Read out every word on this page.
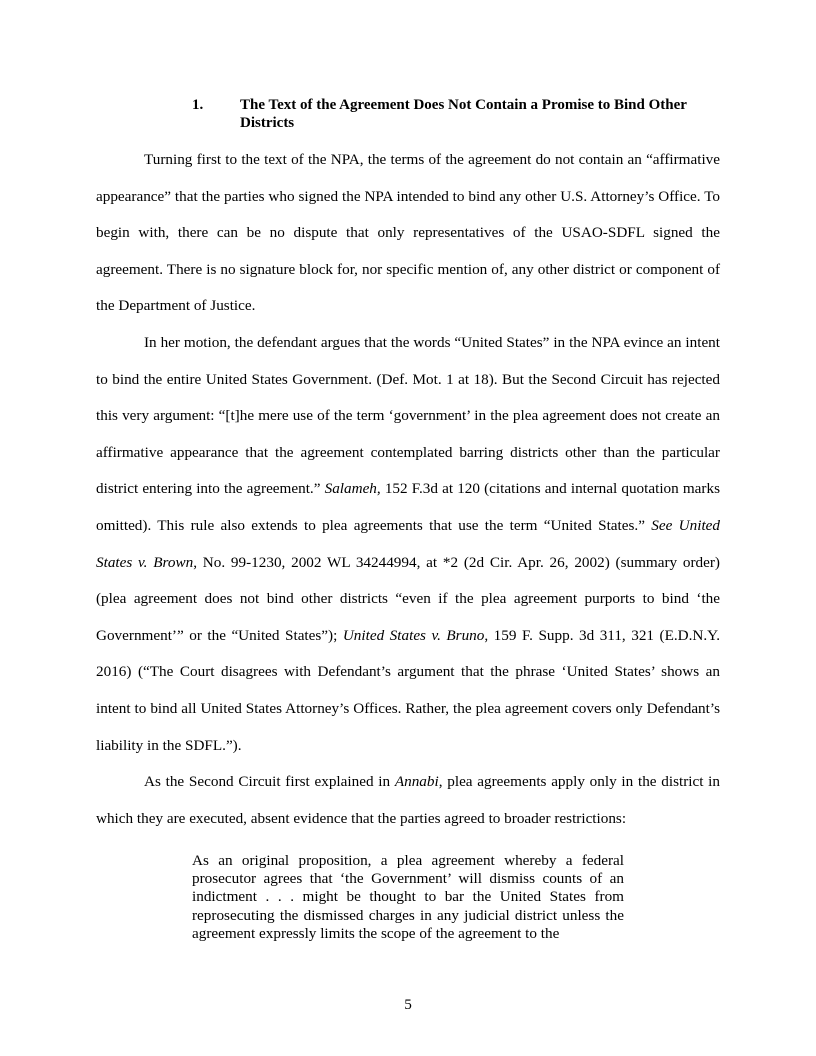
1.	The Text of the Agreement Does Not Contain a Promise to Bind Other Districts

Turning first to the text of the NPA, the terms of the agreement do not contain an “affirmative appearance” that the parties who signed the NPA intended to bind any other U.S. Attorney’s Office. To begin with, there can be no dispute that only representatives of the USAO-SDFL signed the agreement. There is no signature block for, nor specific mention of, any other district or component of the Department of Justice.

In her motion, the defendant argues that the words “United States” in the NPA evince an intent to bind the entire United States Government. (Def. Mot. 1 at 18). But the Second Circuit has rejected this very argument: “[t]he mere use of the term ‘government’ in the plea agreement does not create an affirmative appearance that the agreement contemplated barring districts other than the particular district entering into the agreement.” Salameh, 152 F.3d at 120 (citations and internal quotation marks omitted). This rule also extends to plea agreements that use the term “United States.” See United States v. Brown, No. 99-1230, 2002 WL 34244994, at *2 (2d Cir. Apr. 26, 2002) (summary order) (plea agreement does not bind other districts “even if the plea agreement purports to bind ‘the Government’” or the “United States”); United States v. Bruno, 159 F. Supp. 3d 311, 321 (E.D.N.Y. 2016) (“The Court disagrees with Defendant’s argument that the phrase ‘United States’ shows an intent to bind all United States Attorney’s Offices. Rather, the plea agreement covers only Defendant’s liability in the SDFL.”).

As the Second Circuit first explained in Annabi, plea agreements apply only in the district in which they are executed, absent evidence that the parties agreed to broader restrictions:

As an original proposition, a plea agreement whereby a federal prosecutor agrees that ‘the Government’ will dismiss counts of an indictment . . . might be thought to bar the United States from reprosecuting the dismissed charges in any judicial district unless the agreement expressly limits the scope of the agreement to the

5
